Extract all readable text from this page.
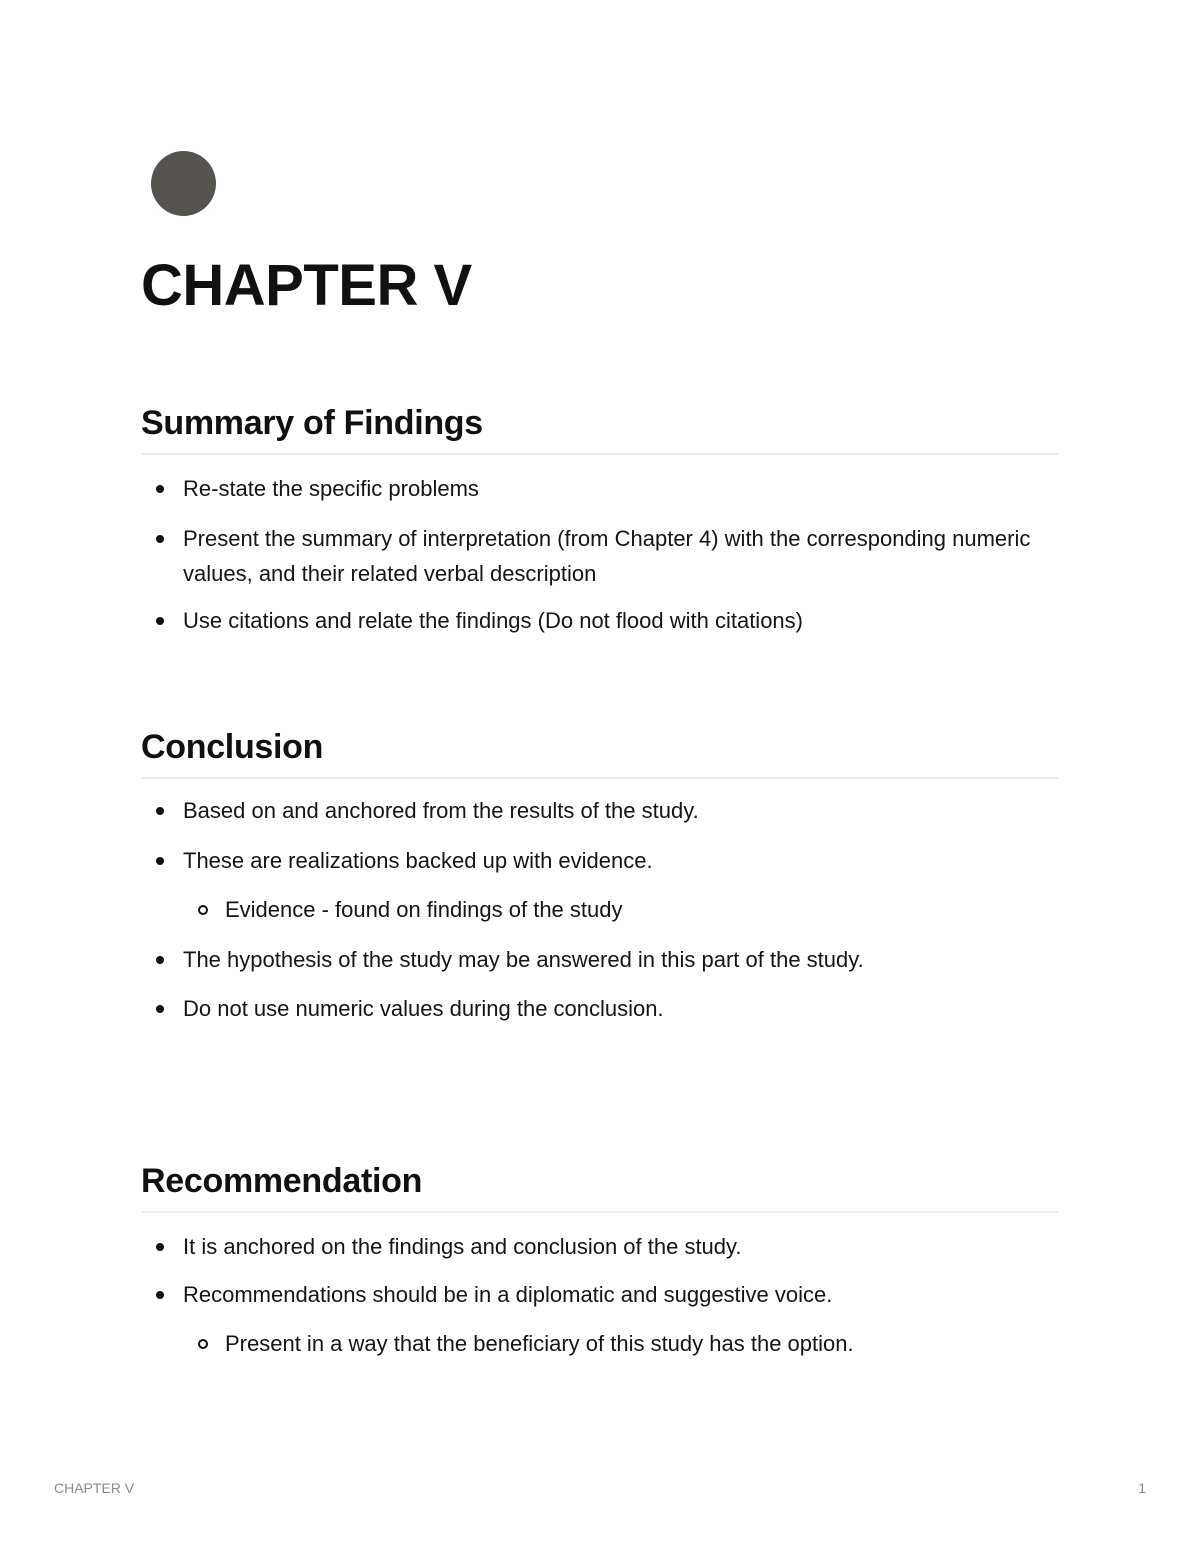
CHAPTER V
Summary of Findings
Re-state the specific problems
Present the summary of interpretation (from Chapter 4) with the corresponding numeric values, and their related verbal description
Use citations and relate the findings (Do not flood with citations)
Conclusion
Based on and anchored from the results of the study.
These are realizations backed up with evidence.
Evidence - found on findings of the study
The hypothesis of the study may be answered in this part of the study.
Do not use numeric values during the conclusion.
Recommendation
It is anchored on the findings and conclusion of the study.
Recommendations should be in a diplomatic and suggestive voice.
Present in a way that the beneficiary of this study has the option.
CHAPTER V	1
